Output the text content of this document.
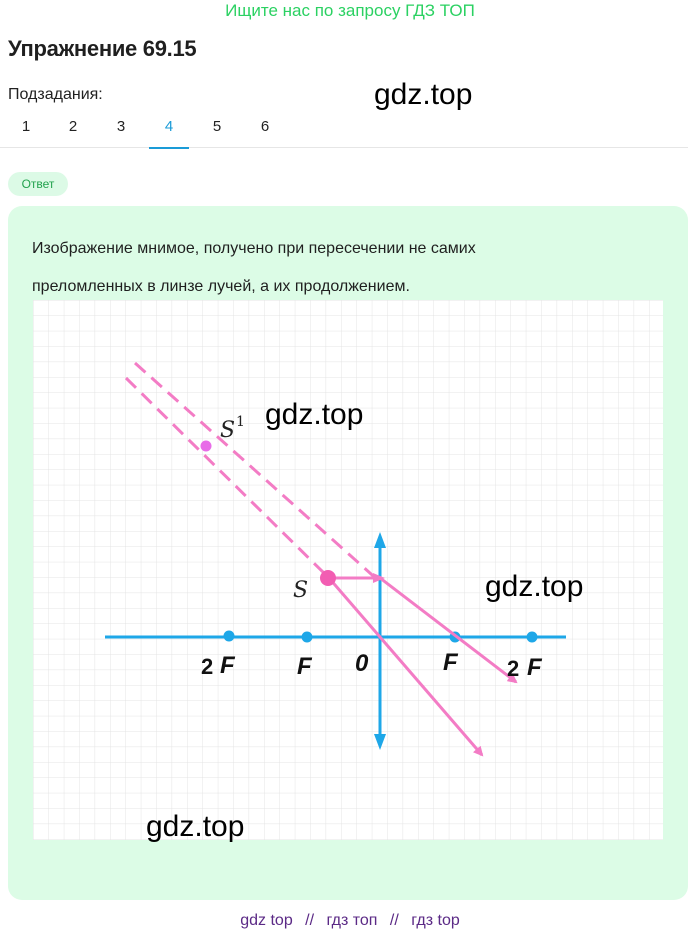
Ищите нас по запросу ГДЗ ТОП
Упражнение 69.15
Подзадания:	gdz.top
1	2	3	4	5	6
Ответ
Изображение мнимое, получено при пересечении не самих
преломленных в линзе лучей, а их продолжением.
S 1
S
2 F	F 0	F 2 F
gdz.top
gdz.top
gdz.top
gdz top // гдз топ // гдз top
